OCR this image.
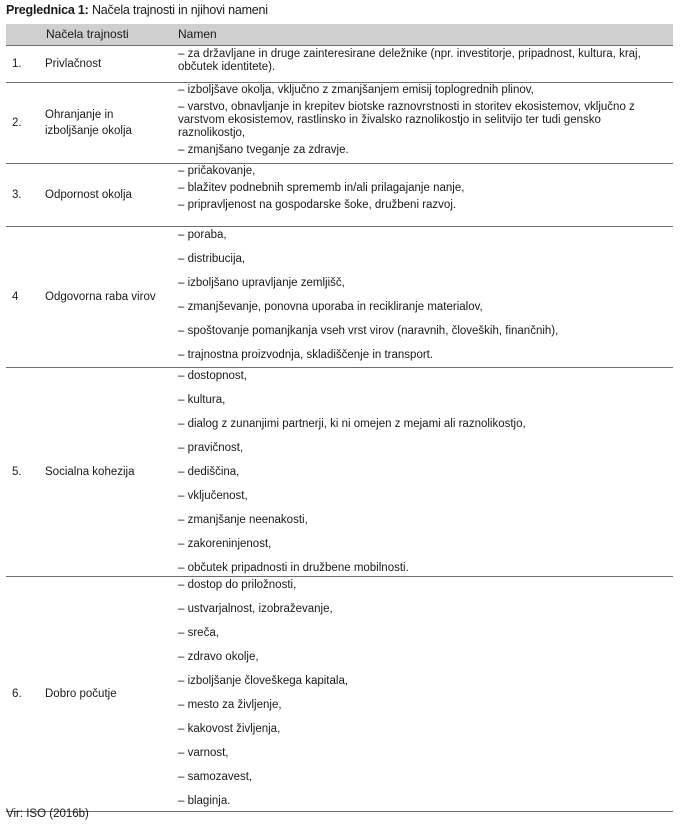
Preglednica 1: Načela trajnosti in njihovi nameni
Načela trajnosti	Namen
1. Privlačnost
– za državljane in druge zainteresirane deležnike (npr. investitorje, pripadnost, kultura, kraj, občutek identitete).
2.
Ohranjanje in izboljšanje okolja
– izboljšave okolja, vključno z zmanjšanjem emisij toplogrednih plinov,
– varstvo, obnavljanje in krepitev biotske raznovrstnosti in storitev ekosistemov, vključno z varstvom ekosistemov, rastlinsko in živalsko raznolikostjo in selitvijo ter tudi gensko raznolikostjo,
– zmanjšano tveganje za zdravje.
3. Odpornost okolja
– pričakovanje,
– blažitev podnebnih sprememb in/ali prilagajanje nanje,
– pripravljenost na gospodarske šoke, družbeni razvoj.
4 Odgovorna raba virov
– poraba,
– distribucija,
– izboljšano upravljanje zemljišč,
– zmanjševanje, ponovna uporaba in recikliranje materialov,
– spoštovanje pomanjkanja vseh vrst virov (naravnih, človeških, finančnih),
– trajnostna proizvodnja, skladiščenje in transport.
5. Socialna kohezija
– dostopnost,
– kultura,
– dialog z zunanjimi partnerji, ki ni omejen z mejami ali raznolikostjo,
– pravičnost,
– dediščina,
– vključenost,
– zmanjšanje neenakosti,
– zakoreninjenost,
– občutek pripadnosti in družbene mobilnosti.
6. Dobro počutje
– dostop do priložnosti,
– ustvarjalnost, izobraževanje,
– sreča,
– zdravo okolje,
– izboljšanje človeškega kapitala,
– mesto za življenje,
– kakovost življenja,
– varnost,
– samozavest,
– blaginja.
Vir: ISO (2016b)
